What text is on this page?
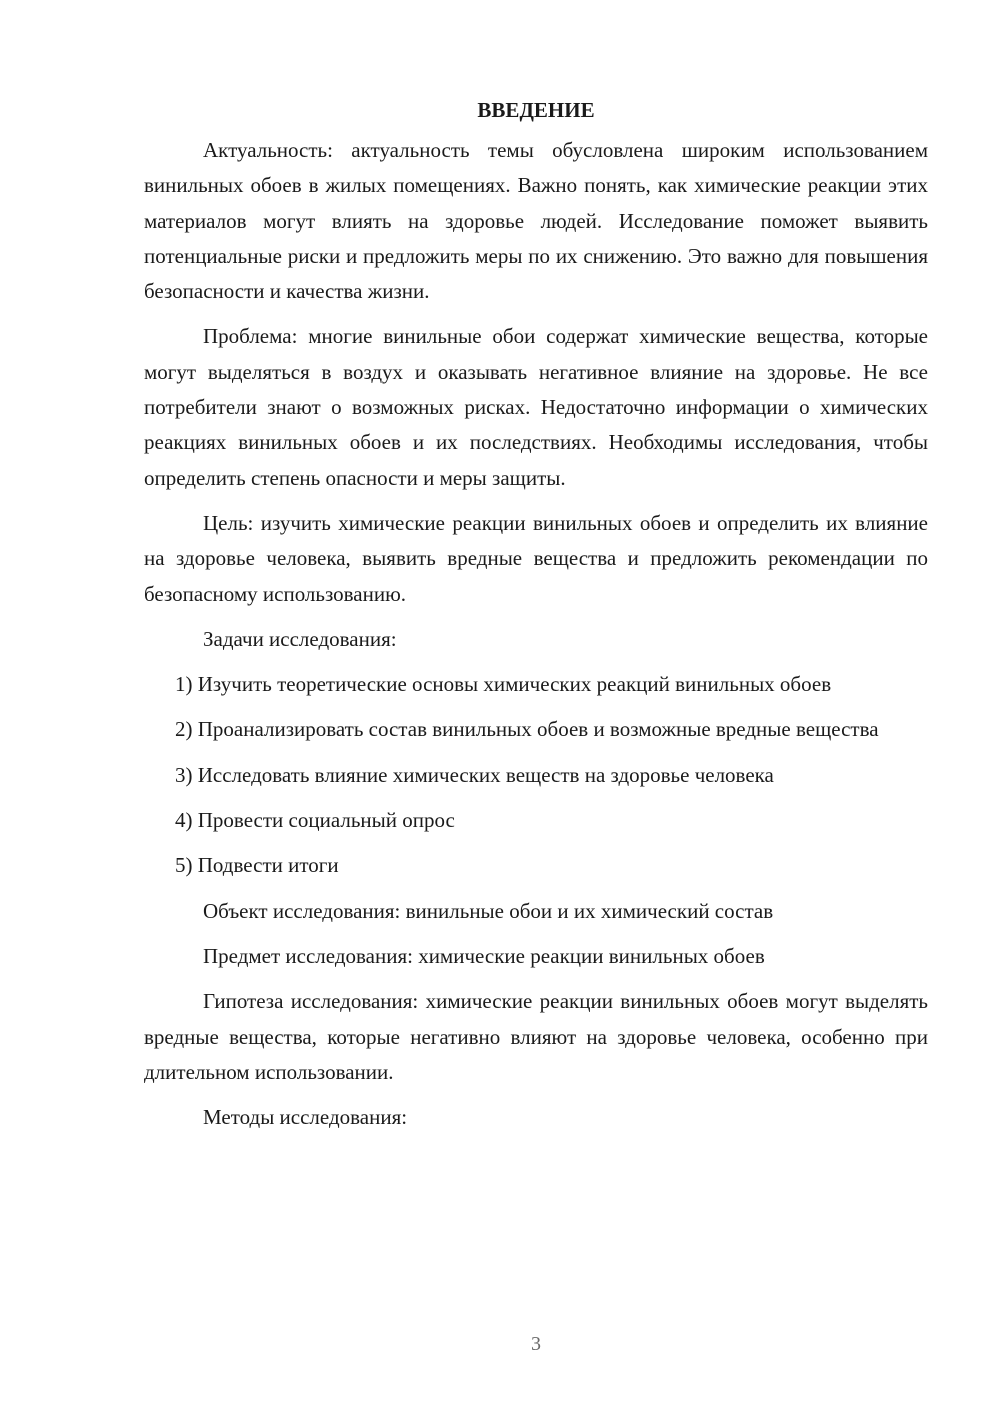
ВВЕДЕНИЕ

Актуальность: актуальность темы обусловлена широким использованием винильных обоев в жилых помещениях. Важно понять, как химические реакции этих материалов могут влиять на здоровье людей. Исследование поможет выявить потенциальные риски и предложить меры по их снижению. Это важно для повышения безопасности и качества жизни.

Проблема: многие винильные обои содержат химические вещества, которые могут выделяться в воздух и оказывать негативное влияние на здоровье. Не все потребители знают о возможных рисках. Недостаточно информации о химических реакциях винильных обоев и их последствиях. Необходимы исследования, чтобы определить степень опасности и меры защиты.

Цель: изучить химические реакции винильных обоев и определить их влияние на здоровье человека, выявить вредные вещества и предложить рекомендации по безопасному использованию.

Задачи исследования:

1) Изучить теоретические основы химических реакций винильных обоев

2) Проанализировать состав винильных обоев и возможные вредные вещества

3) Исследовать влияние химических веществ на здоровье человека

4) Провести социальный опрос

5) Подвести итоги

Объект исследования: винильные обои и их химический состав

Предмет исследования: химические реакции винильных обоев

Гипотеза исследования: химические реакции винильных обоев могут выделять вредные вещества, которые негативно влияют на здоровье человека, особенно при длительном использовании.

Методы исследования:

3
